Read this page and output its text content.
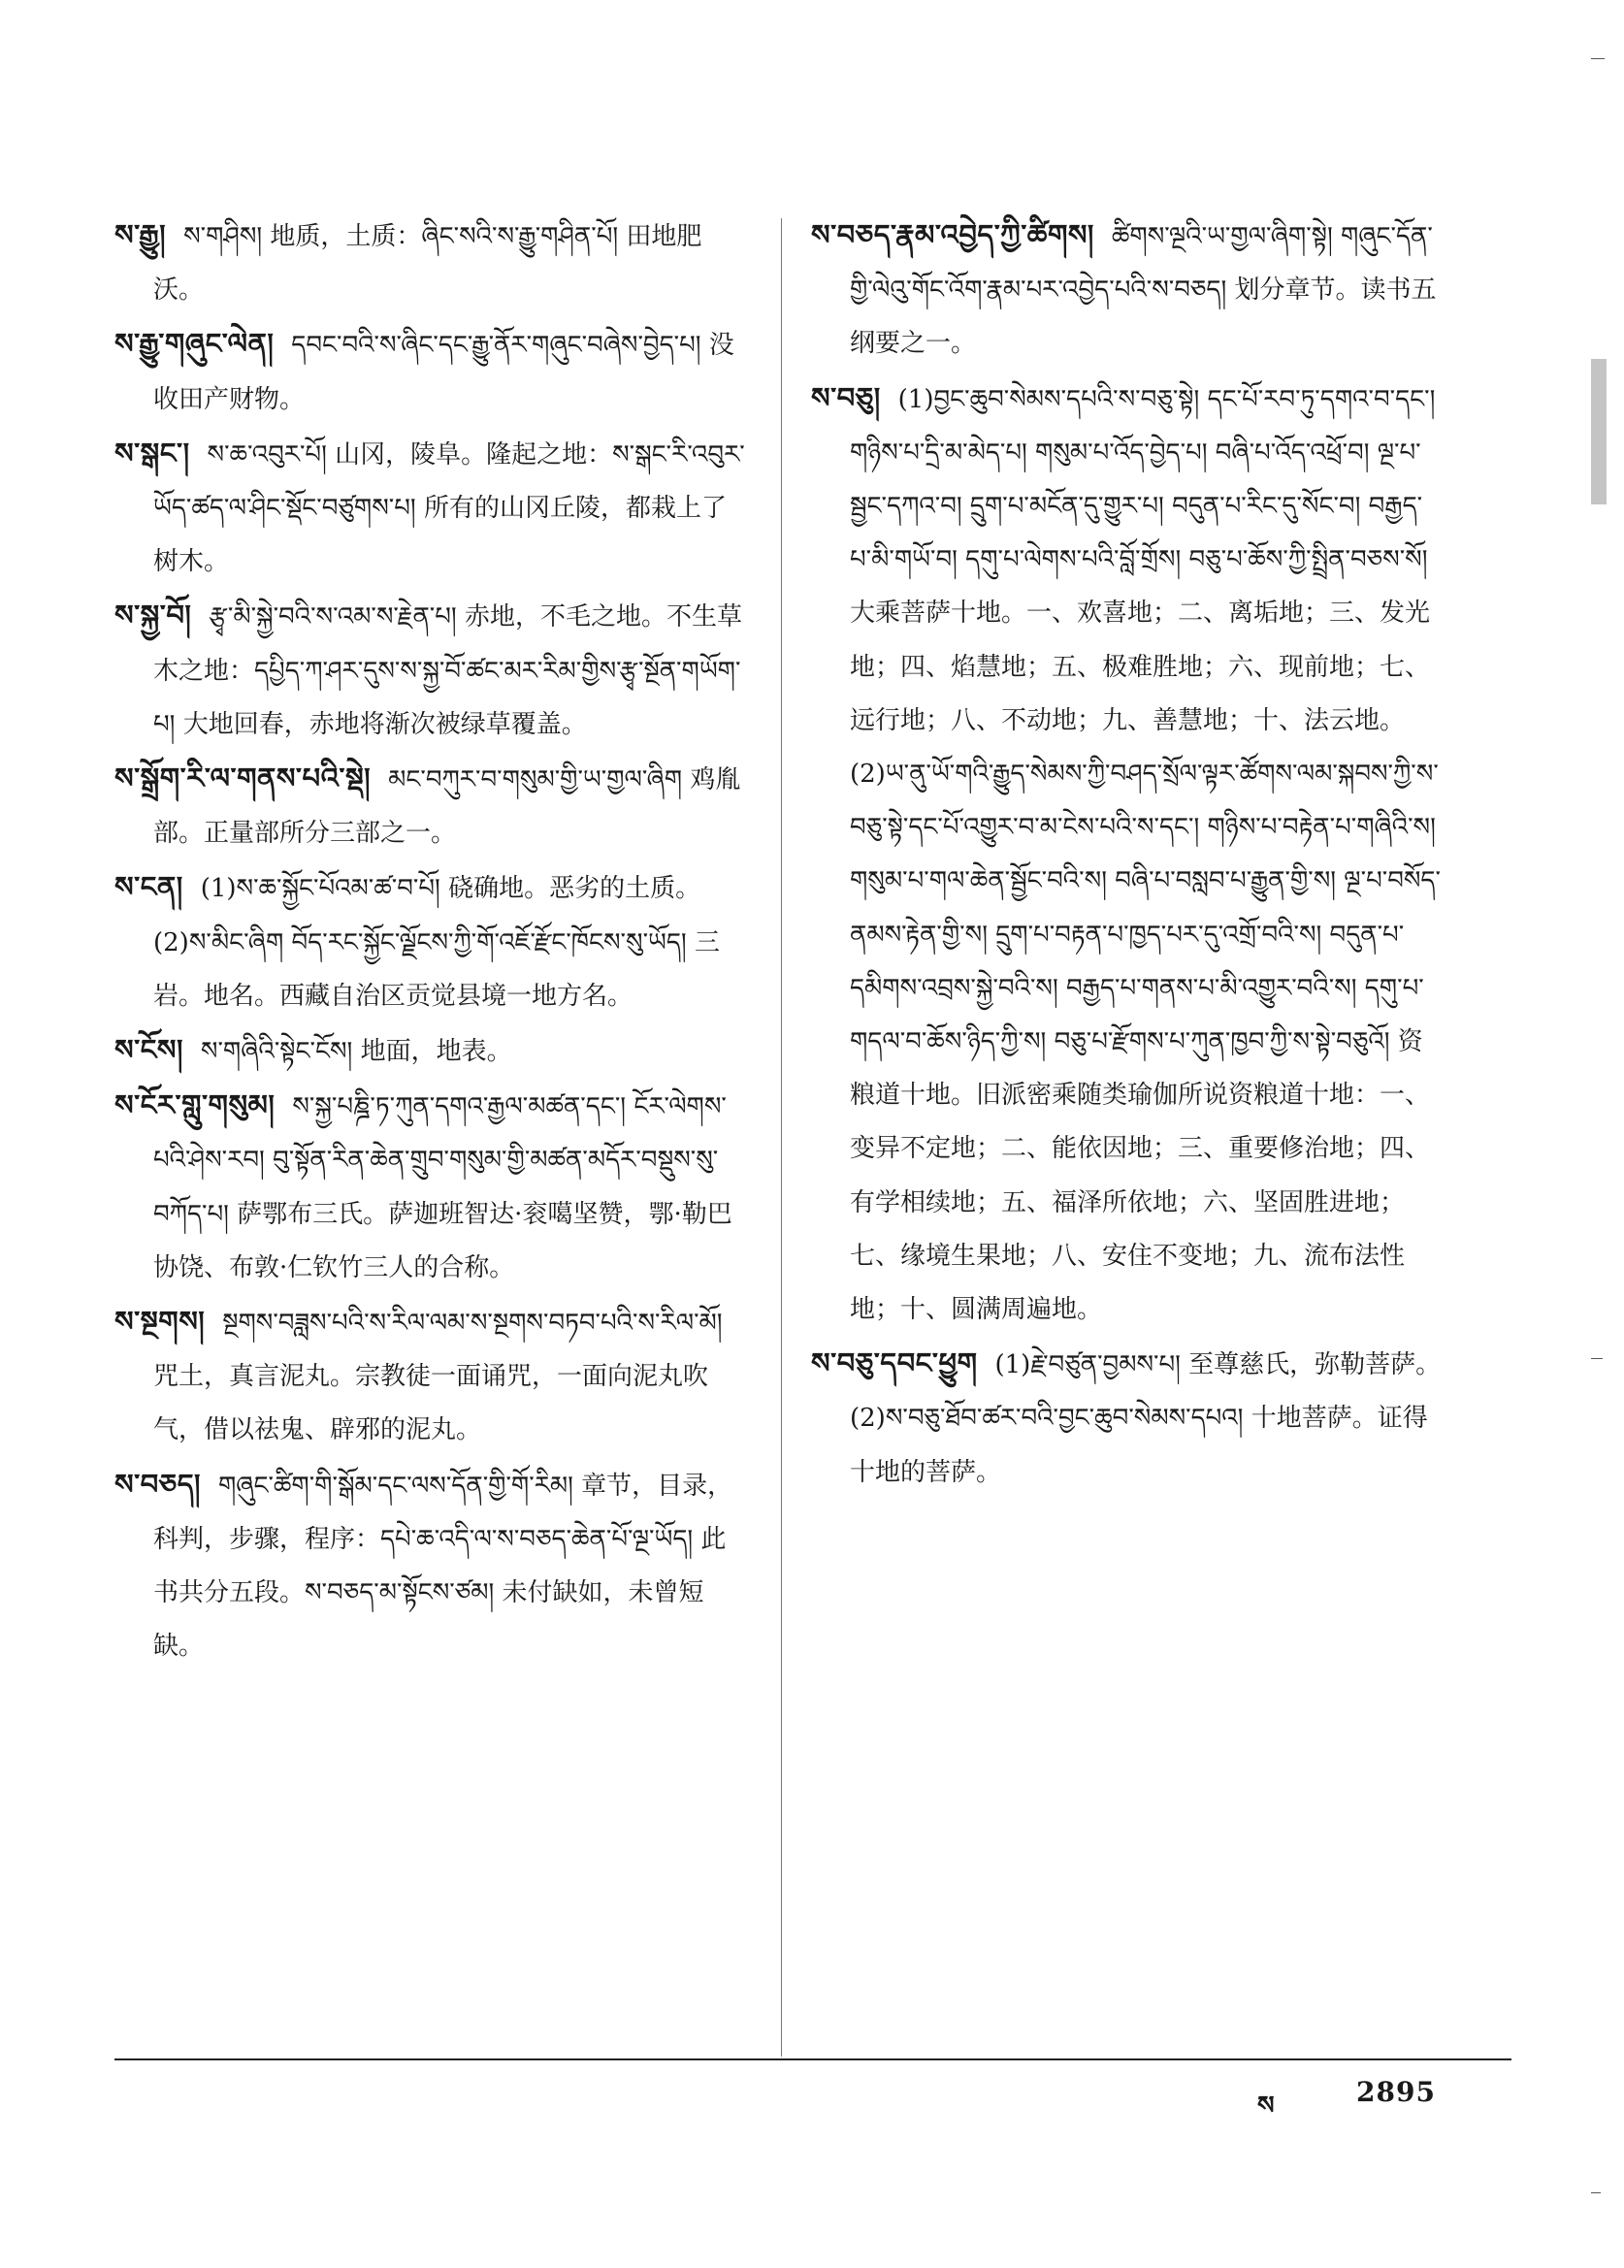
ས་རྒྱུ། ས་གཤིས། 地质，土质：ཞིང་སའི་ས་རྒྱུ་གཤིན་པོ། 田地肥沃。

ས་རྒྱུ་གཞུང་ལེན། དབང་བའི་ས་ཞིང་དང་རྒྱུ་ནོར་གཞུང་བཞེས་བྱེད་པ། 没收田产财物。

ས་སྒང་། ས་ཆ་འབུར་པོ། 山冈，陵阜。隆起之地：ས་སྒང་རི་འབུར་ཡོད་ཚད་ལ་ཤིང་སྡོང་བཙུགས་པ། 所有的山冈丘陵，都栽上了树木。

ས་སྐྱ་བོ། རྩྭ་མི་སྐྱེ་བའི་ས་འམ་ས་རྗེན་པ། 赤地，不毛之地。不生草木之地：དཔྱིད་ཀ་ཤར་དུས་ས་སྐྱ་བོ་ཚང་མར་རིམ་གྱིས་རྩྭ་སྔོན་གཡོག་པ། 大地回春，赤地将渐次被绿草覆盖。

ས་སྒྲོག་རི་ལ་གནས་པའི་སྡེ། མང་བཀུར་བ་གསུམ་གྱི་ཡ་གྱལ་ཞིག 鸡胤部。正量部所分三部之一。

ས་ངན། (1)ས་ཆ་སྐྱོང་པོའམ་ཚ་བ་པོ། 硗确地。恶劣的土质。 (2)ས་མིང་ཞིག བོད་རང་སྐྱོང་ལྗོངས་ཀྱི་གོ་འཇོ་རྫོང་ཁོངས་སུ་ཡོད། 三岩。地名。西藏自治区贡觉县境一地方名。

ས་ངོས། ས་གཞིའི་སྟེང་ངོས། 地面，地表。

ས་ངོར་གླུ་གསུམ། ས་སྐྱ་པཎྜི་ཏ་ཀུན་དགའ་རྒྱལ་མཚན་དང་། ངོར་ལེགས་པའི་ཤེས་རབ། བུ་སྟོན་རིན་ཆེན་གྲུབ་གསུམ་གྱི་མཚན་མདོར་བསྡུས་སུ་བཀོད་པ། 萨鄂布三氏。萨迦班智达·衮噶坚赞，鄂·勒巴协饶、布敦·仁钦竹三人的合称。

ས་སྔགས། སྔགས་བཟླས་པའི་ས་རིལ་ལམ་ས་སྔགས་བཏབ་པའི་ས་རིལ་མོ། 咒土，真言泥丸。宗教徒一面诵咒，一面向泥丸吹气，借以祛鬼、辟邪的泥丸。

ས་བཅད། གཞུང་ཚིག་གི་སྒོམ་དང་ལས་དོན་གྱི་གོ་རིམ། 章节，目录，科判，步骤，程序：དཔེ་ཆ་འདི་ལ་ས་བཅད་ཆེན་པོ་ལྔ་ཡོད། 此书共分五段。ས་བཅད་མ་སྟོངས་ཙམ། 未付缺如，未曾短缺。

ས་བཅད་རྣམ་འབྱེད་ཀྱི་ཚིགས། ཚིགས་ལྔའི་ཡ་གྱལ་ཞིག་སྟེ། གཞུང་དོན་གྱི་ལེའུ་གོང་འོག་རྣམ་པར་འབྱེད་པའི་ས་བཅད། 划分章节。读书五纲要之一。

ས་བཅུ། (1)བྱང་ཆུབ་སེམས་དཔའི་ས་བཅུ་སྟེ། དང་པོ་རབ་ཏུ་དགའ་བ་དང་། གཉིས་པ་དྲི་མ་མེད་པ། གསུམ་པ་འོད་བྱེད་པ། བཞི་པ་འོད་འཕྲོ་བ། ལྔ་པ་སྦྱང་དཀའ་བ། དྲུག་པ་མངོན་དུ་གྱུར་པ། བདུན་པ་རིང་དུ་སོང་བ། བརྒྱད་པ་མི་གཡོ་བ། དགུ་པ་ལེགས་པའི་བློ་གྲོས། བཅུ་པ་ཆོས་ཀྱི་སྤྲིན་བཅས་སོ། 大乘菩萨十地。一、欢喜地；二、离垢地；三、发光地；四、焰慧地；五、极难胜地；六、现前地；七、远行地；八、不动地；九、善慧地；十、法云地。(2)ཡ་ནུ་ཡོ་གའི་རྒྱུད་སེམས་ཀྱི་བཤད་སྲོལ་ལྟར་ཚོགས་ལམ་སྐབས་ཀྱི་ས་བཅུ་སྟེ་དང་པོ་འགྱུར་བ་མ་ངེས་པའི་ས་དང་། གཉིས་པ་བརྟེན་པ་གཞིའི་ས། གསུམ་པ་གལ་ཆེན་སྦྱོང་བའི་ས། བཞི་པ་བསླབ་པ་རྒྱུན་གྱི་ས། ལྔ་པ་བསོད་ནམས་རྟེན་གྱི་ས། དྲུག་པ་བརྟན་པ་ཁྱད་པར་དུ་འགྲོ་བའི་ས། བདུན་པ་དམིགས་འབྲས་སྐྱེ་བའི་ས། བརྒྱད་པ་གནས་པ་མི་འགྱུར་བའི་ས། དགུ་པ་གདལ་བ་ཆོས་ཉིད་ཀྱི་ས། བཅུ་པ་རྫོགས་པ་ཀུན་ཁྱབ་ཀྱི་ས་སྟེ་བཅུའོ། 资粮道十地。旧派密乘随类瑜伽所说资粮道十地：一、变异不定地；二、能依因地；三、重要修治地；四、有学相续地；五、福泽所依地；六、坚固胜进地；七、缘境生果地；八、安住不变地；九、流布法性地；十、圆满周遍地。

ས་བཅུ་དབང་ཕྱུག (1)རྗེ་བཙུན་བྱམས་པ། 至尊慈氏，弥勒菩萨。(2)ས་བཅུ་ཐོབ་ཚར་བའི་བྱང་ཆུབ་སེམས་དཔའ། 十地菩萨。证得十地的菩萨。

ས	2895
